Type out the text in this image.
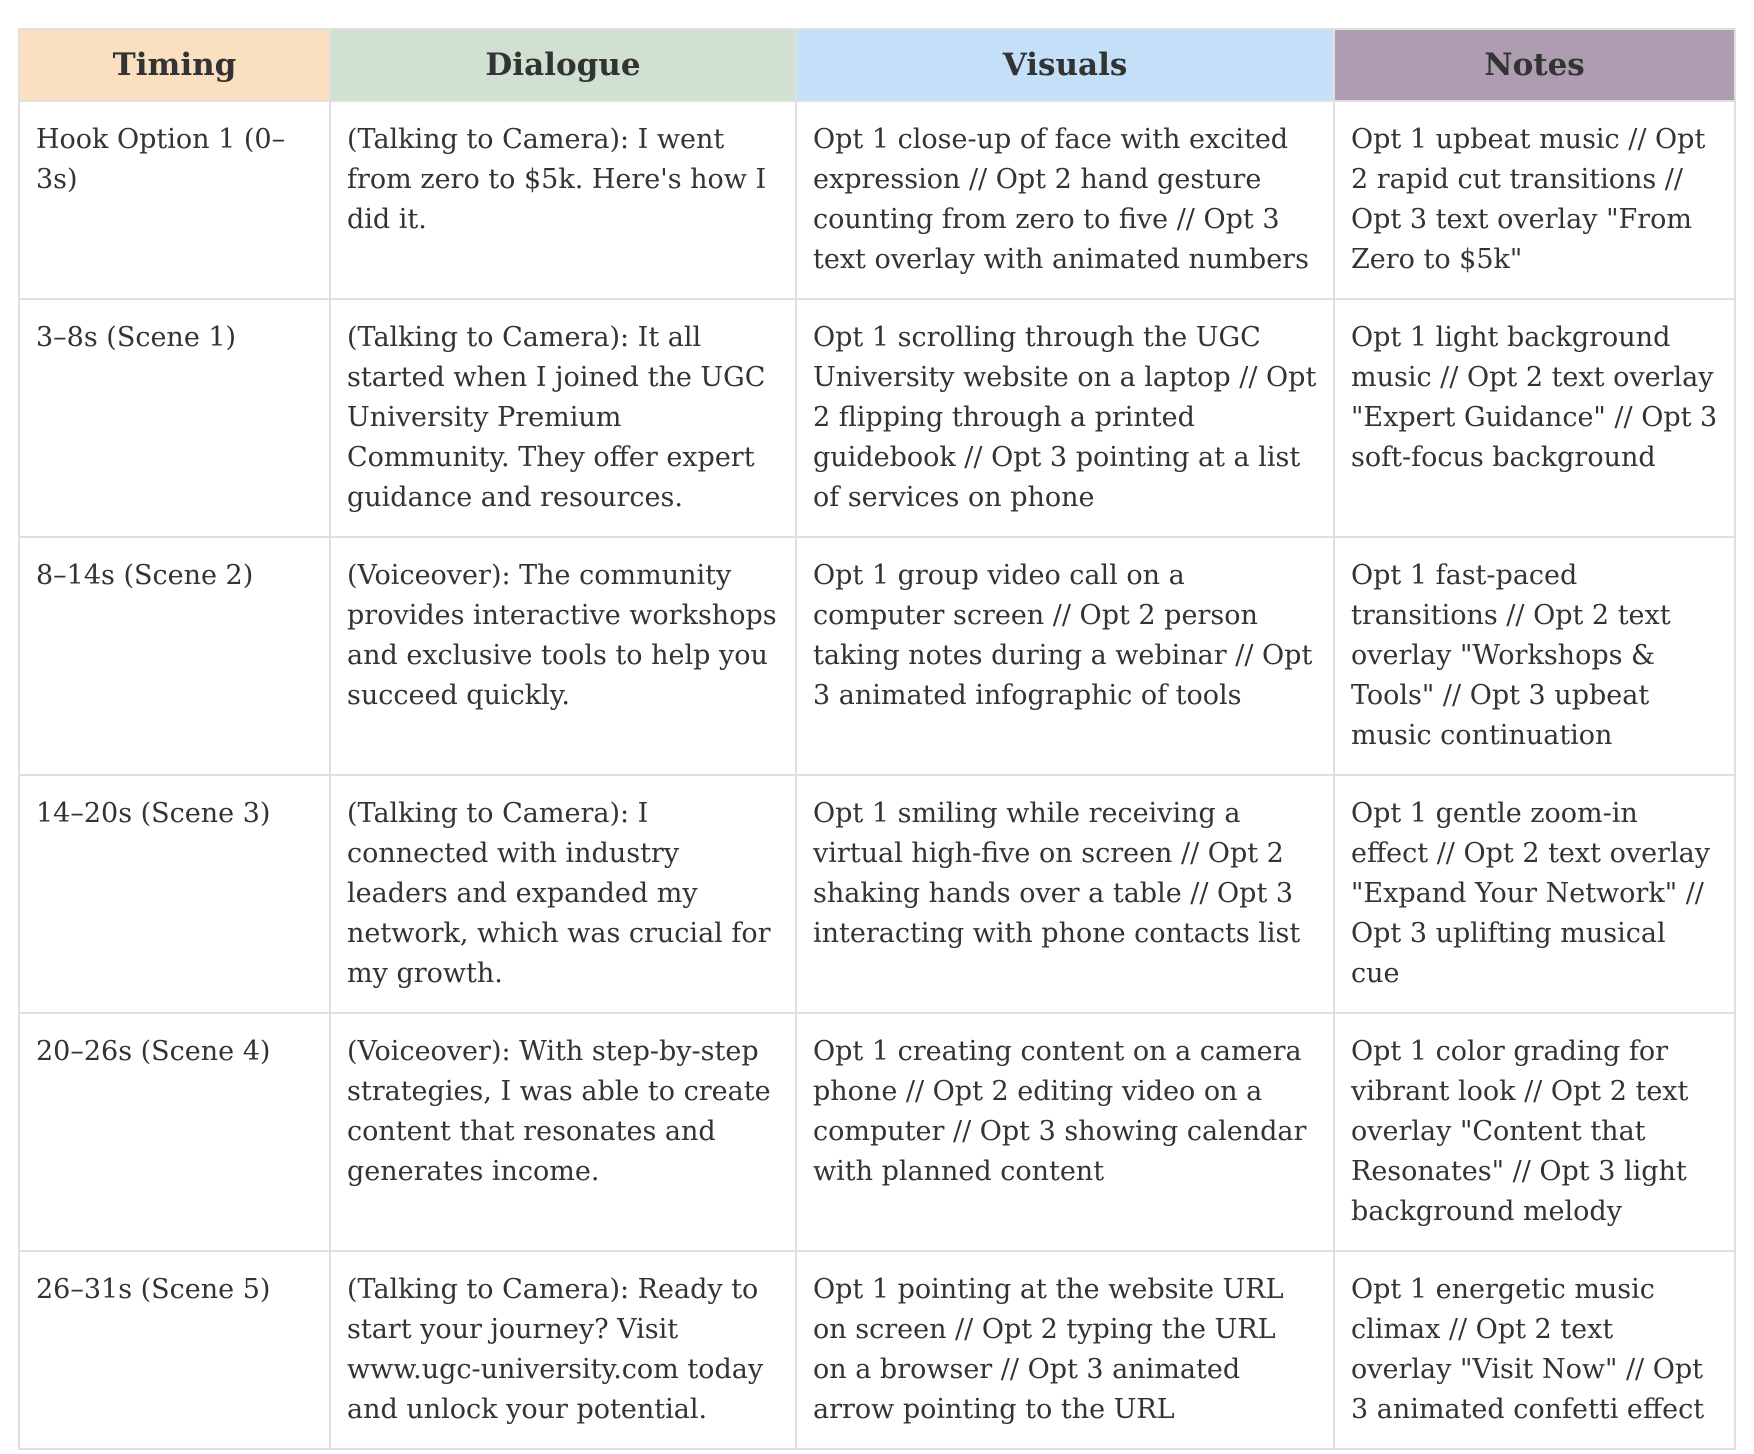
Timing	Dialogue	Visuals	Notes
Hook Option 1 (0–3s)	(Talking to Camera): I went from zero to $5k. Here's how I did it.	Opt 1 close-up of face with excited expression // Opt 2 hand gesture counting from zero to five // Opt 3 text overlay with animated numbers	Opt 1 upbeat music // Opt 2 rapid cut transitions // Opt 3 text overlay "From Zero to $5k"
3–8s (Scene 1)	(Talking to Camera): It all started when I joined the UGC University Premium Community. They offer expert guidance and resources.	Opt 1 scrolling through the UGC University website on a laptop // Opt 2 flipping through a printed guidebook // Opt 3 pointing at a list of services on phone	Opt 1 light background music // Opt 2 text overlay "Expert Guidance" // Opt 3 soft-focus background
8–14s (Scene 2)	(Voiceover): The community provides interactive workshops and exclusive tools to help you succeed quickly.	Opt 1 group video call on a computer screen // Opt 2 person taking notes during a webinar // Opt 3 animated infographic of tools	Opt 1 fast-paced transitions // Opt 2 text overlay "Workshops & Tools" // Opt 3 upbeat music continuation
14–20s (Scene 3)	(Talking to Camera): I connected with industry leaders and expanded my network, which was crucial for my growth.	Opt 1 smiling while receiving a virtual high-five on screen // Opt 2 shaking hands over a table // Opt 3 interacting with phone contacts list	Opt 1 gentle zoom-in effect // Opt 2 text overlay "Expand Your Network" // Opt 3 uplifting musical cue
20–26s (Scene 4)	(Voiceover): With step-by-step strategies, I was able to create content that resonates and generates income.	Opt 1 creating content on a camera phone // Opt 2 editing video on a computer // Opt 3 showing calendar with planned content	Opt 1 color grading for vibrant look // Opt 2 text overlay "Content that Resonates" // Opt 3 light background melody
26–31s (Scene 5)	(Talking to Camera): Ready to start your journey? Visit www.ugc-university.com today and unlock your potential.	Opt 1 pointing at the website URL on screen // Opt 2 typing the URL on a browser // Opt 3 animated arrow pointing to the URL	Opt 1 energetic music climax // Opt 2 text overlay "Visit Now" // Opt 3 animated confetti effect
